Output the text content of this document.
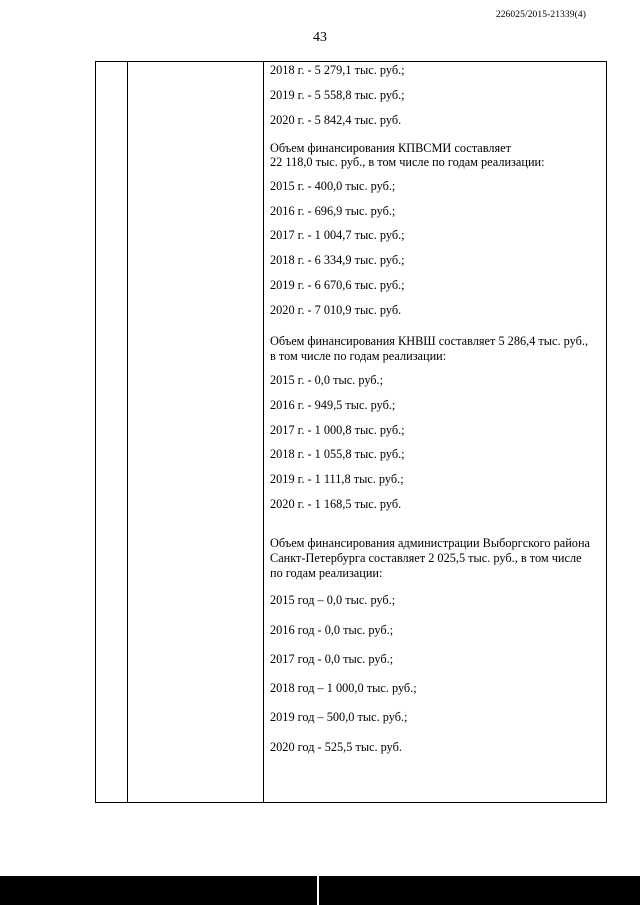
226025/2015-21339(4)
43
2018 г. - 5 279,1 тыс. руб.;
2019 г. - 5 558,8 тыс. руб.;
2020 г. - 5 842,4 тыс. руб.
Объем финансирования КПВСМИ составляет
22 118,0 тыс. руб., в том числе по годам реализации:
2015 г. - 400,0 тыс. руб.;
2016 г. - 696,9 тыс. руб.;
2017 г. - 1 004,7 тыс. руб.;
2018 г. - 6 334,9 тыс. руб.;
2019 г. - 6 670,6 тыс. руб.;
2020 г. - 7 010,9 тыс. руб.
Объем финансирования КНВШ составляет 5 286,4 тыс. руб.,
в том числе по годам реализации:
2015 г. - 0,0 тыс. руб.;
2016 г. - 949,5 тыс. руб.;
2017 г. - 1 000,8 тыс. руб.;
2018 г. - 1 055,8 тыс. руб.;
2019 г. - 1 111,8 тыс. руб.;
2020 г. - 1 168,5 тыс. руб.
Объем финансирования администрации Выборгского района
Санкт-Петербурга составляет 2 025,5 тыс. руб., в том числе
по годам реализации:
2015 год – 0,0 тыс. руб.;
2016 год - 0,0 тыс. руб.;
2017 год - 0,0 тыс. руб.;
2018 год – 1 000,0 тыс. руб.;
2019 год – 500,0 тыс. руб.;
2020 год - 525,5 тыс. руб.
